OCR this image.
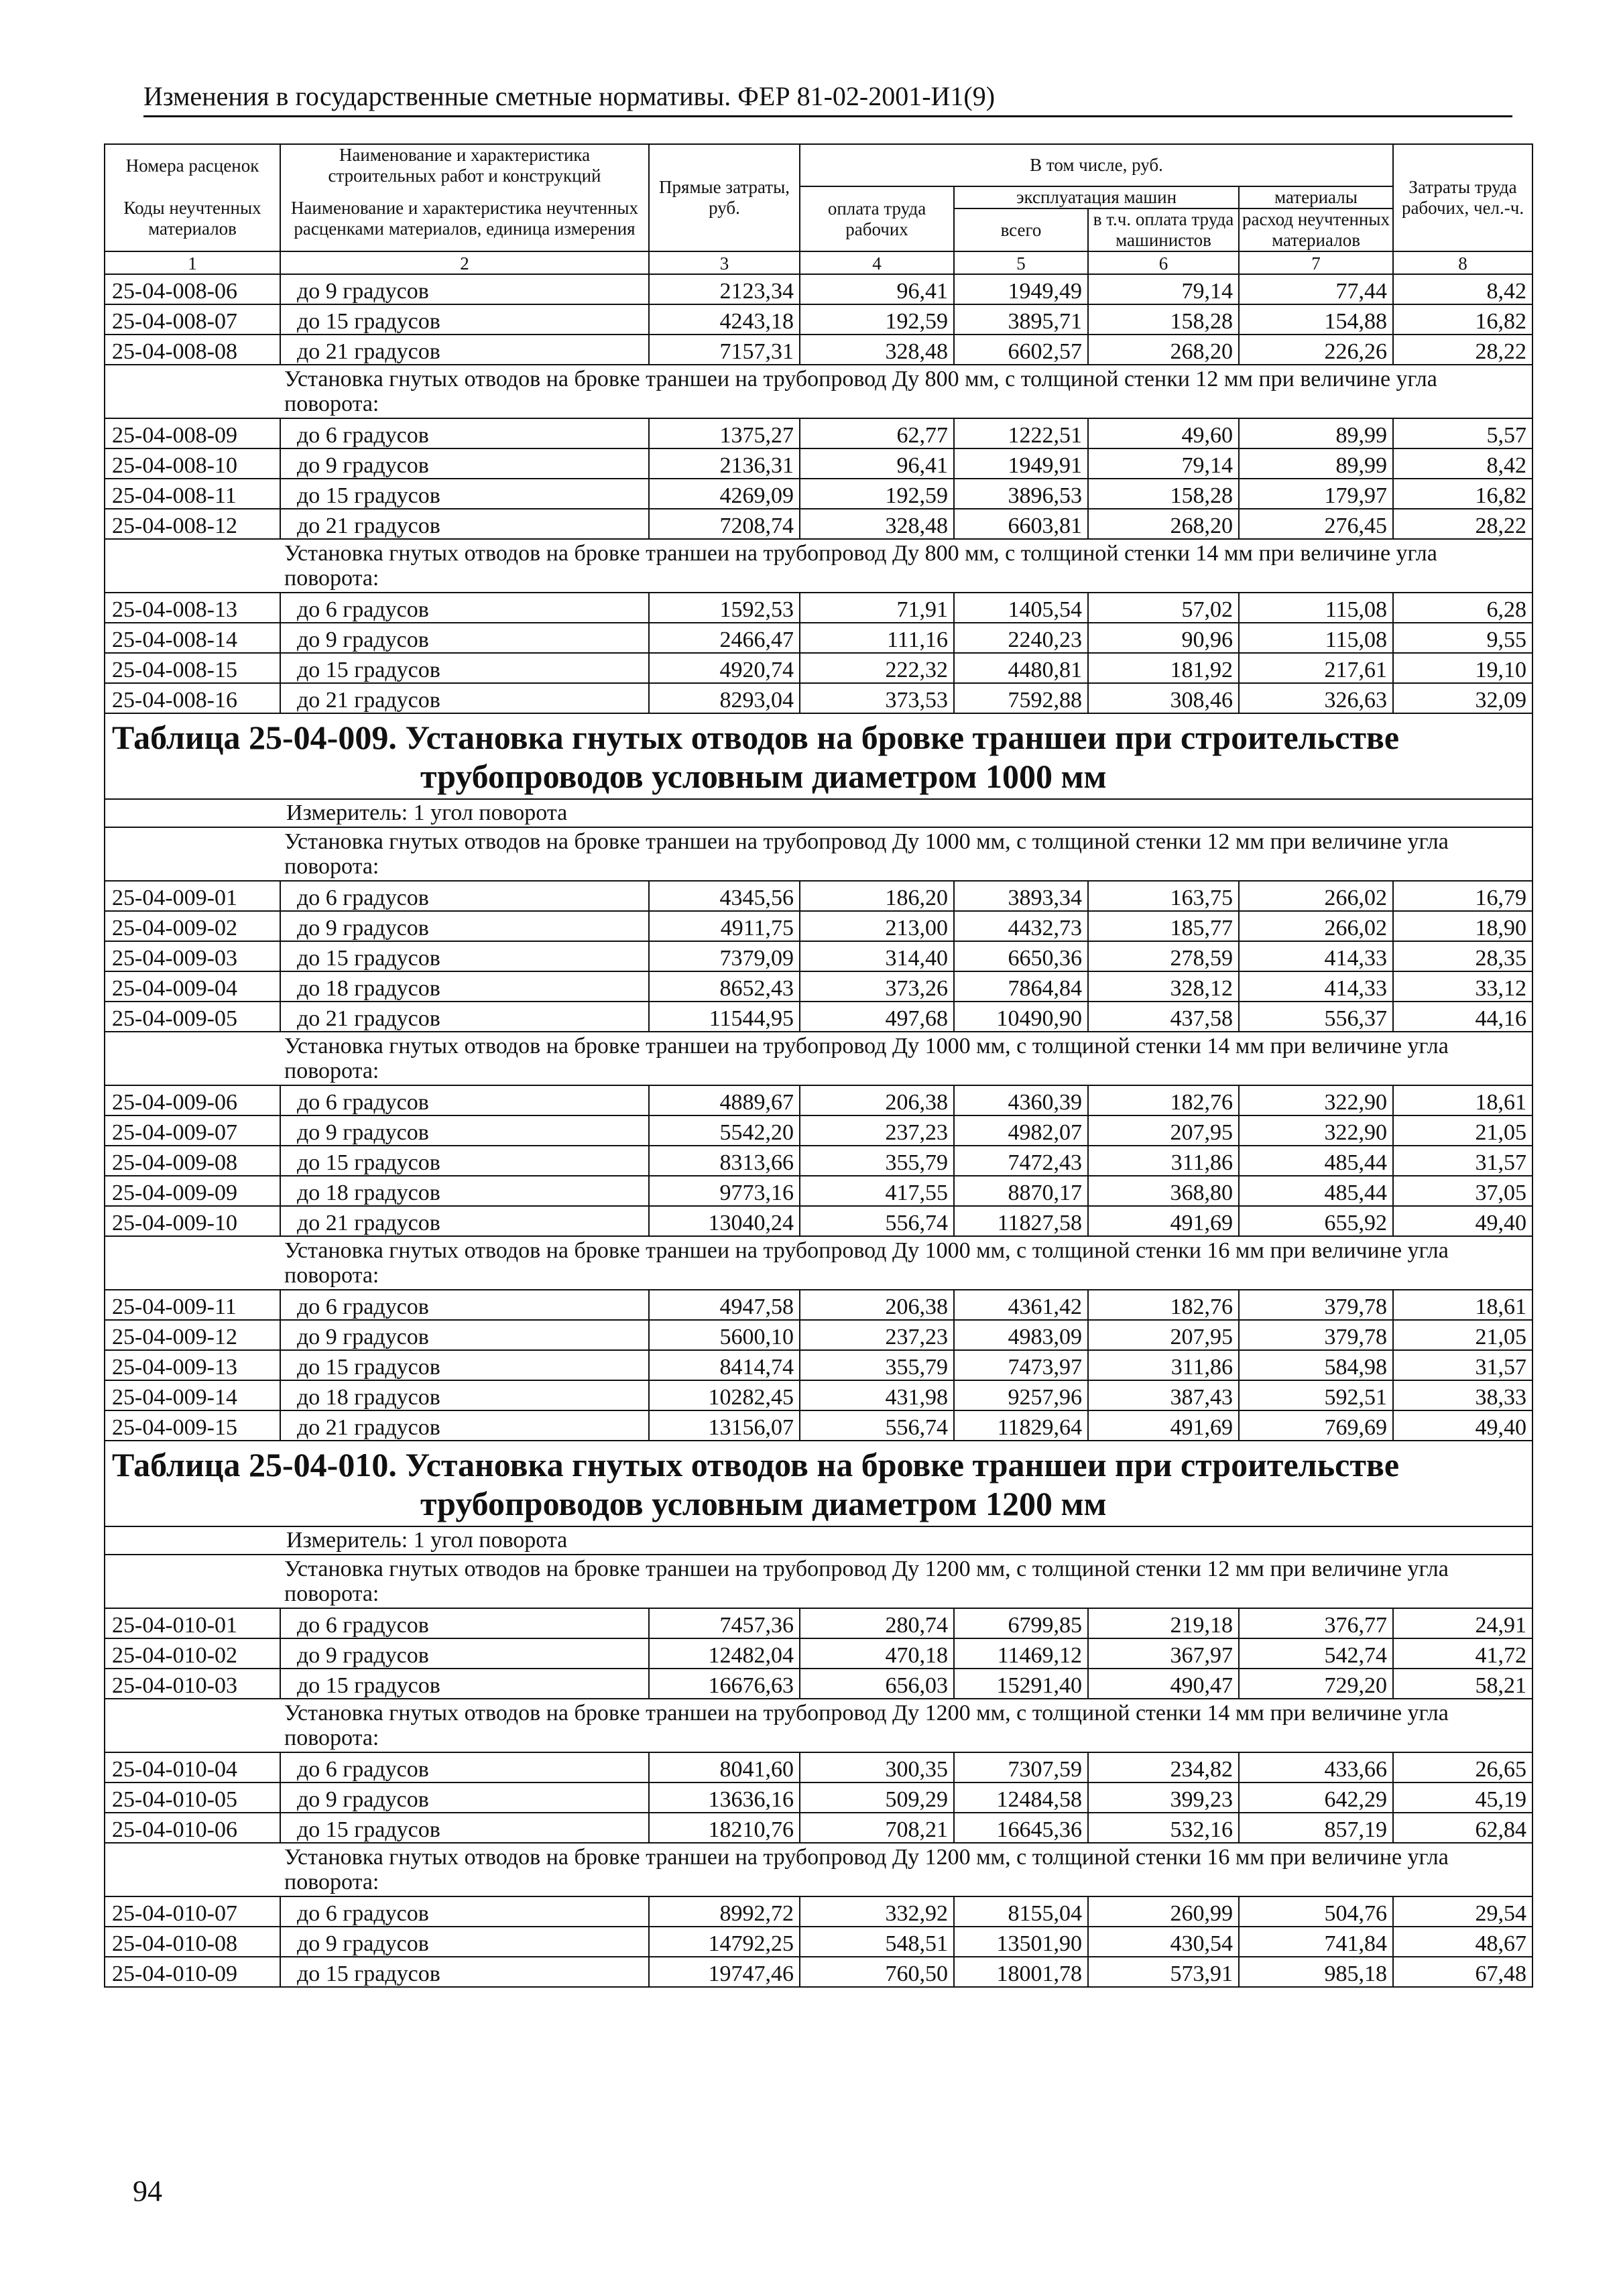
Изменения в государственные сметные нормативы. ФЕР 81-02-2001-И1(9)
Номера расценок	Наименование и характеристика строительных работ и конструкций	Прямые затраты, руб.	В том числе, руб.				Затраты труда рабочих, чел.-ч.
Коды неучтенных материалов	Наименование и характеристика неучтенных расценками материалов, единица измерения		оплата труда рабочих	эксплуатация машин		материалы	
				всего	в т.ч. оплата труда машинистов	расход неучтенных материалов	
1	2	3	4	5	6	7	8
25-04-008-06	до 9 градусов	2123,34	96,41	1949,49	79,14	77,44	8,42
25-04-008-07	до 15 градусов	4243,18	192,59	3895,71	158,28	154,88	16,82
25-04-008-08	до 21 градусов	7157,31	328,48	6602,57	268,20	226,26	28,22
	Установка гнутых отводов на бровке траншеи на трубопровод Ду 800 мм, с толщиной стенки 12 мм при величине угла поворота:						
25-04-008-09	до 6 градусов	1375,27	62,77	1222,51	49,60	89,99	5,57
25-04-008-10	до 9 градусов	2136,31	96,41	1949,91	79,14	89,99	8,42
25-04-008-11	до 15 градусов	4269,09	192,59	3896,53	158,28	179,97	16,82
25-04-008-12	до 21 градусов	7208,74	328,48	6603,81	268,20	276,45	28,22
	Установка гнутых отводов на бровке траншеи на трубопровод Ду 800 мм, с толщиной стенки 14 мм при величине угла поворота:						
25-04-008-13	до 6 градусов	1592,53	71,91	1405,54	57,02	115,08	6,28
25-04-008-14	до 9 градусов	2466,47	111,16	2240,23	90,96	115,08	9,55
25-04-008-15	до 15 градусов	4920,74	222,32	4480,81	181,92	217,61	19,10
25-04-008-16	до 21 градусов	8293,04	373,53	7592,88	308,46	326,63	32,09

Таблица 25-04-009. Установка гнутых отводов на бровке траншеи при строительстве
трубопроводов условным диаметром 1000 мм							

Измеритель: 1 угол поворота							
	Установка гнутых отводов на бровке траншеи на трубопровод Ду 1000 мм, с толщиной стенки 12 мм при величине угла поворота:						
25-04-009-01	до 6 градусов	4345,56	186,20	3893,34	163,75	266,02	16,79
25-04-009-02	до 9 градусов	4911,75	213,00	4432,73	185,77	266,02	18,90
25-04-009-03	до 15 градусов	7379,09	314,40	6650,36	278,59	414,33	28,35
25-04-009-04	до 18 градусов	8652,43	373,26	7864,84	328,12	414,33	33,12
25-04-009-05	до 21 градусов	11544,95	497,68	10490,90	437,58	556,37	44,16
	Установка гнутых отводов на бровке траншеи на трубопровод Ду 1000 мм, с толщиной стенки 14 мм при величине угла поворота:						
25-04-009-06	до 6 градусов	4889,67	206,38	4360,39	182,76	322,90	18,61
25-04-009-07	до 9 градусов	5542,20	237,23	4982,07	207,95	322,90	21,05
25-04-009-08	до 15 градусов	8313,66	355,79	7472,43	311,86	485,44	31,57
25-04-009-09	до 18 градусов	9773,16	417,55	8870,17	368,80	485,44	37,05
25-04-009-10	до 21 градусов	13040,24	556,74	11827,58	491,69	655,92	49,40
	Установка гнутых отводов на бровке траншеи на трубопровод Ду 1000 мм, с толщиной стенки 16 мм при величине угла поворота:						
25-04-009-11	до 6 градусов	4947,58	206,38	4361,42	182,76	379,78	18,61
25-04-009-12	до 9 градусов	5600,10	237,23	4983,09	207,95	379,78	21,05
25-04-009-13	до 15 градусов	8414,74	355,79	7473,97	311,86	584,98	31,57
25-04-009-14	до 18 градусов	10282,45	431,98	9257,96	387,43	592,51	38,33
25-04-009-15	до 21 градусов	13156,07	556,74	11829,64	491,69	769,69	49,40

Таблица 25-04-010. Установка гнутых отводов на бровке траншеи при строительстве
трубопроводов условным диаметром 1200 мм							

Измеритель: 1 угол поворота							
	Установка гнутых отводов на бровке траншеи на трубопровод Ду 1200 мм, с толщиной стенки 12 мм при величине угла поворота:						
25-04-010-01	до 6 градусов	7457,36	280,74	6799,85	219,18	376,77	24,91
25-04-010-02	до 9 градусов	12482,04	470,18	11469,12	367,97	542,74	41,72
25-04-010-03	до 15 градусов	16676,63	656,03	15291,40	490,47	729,20	58,21
	Установка гнутых отводов на бровке траншеи на трубопровод Ду 1200 мм, с толщиной стенки 14 мм при величине угла поворота:						
25-04-010-04	до 6 градусов	8041,60	300,35	7307,59	234,82	433,66	26,65
25-04-010-05	до 9 градусов	13636,16	509,29	12484,58	399,23	642,29	45,19
25-04-010-06	до 15 градусов	18210,76	708,21	16645,36	532,16	857,19	62,84
	Установка гнутых отводов на бровке траншеи на трубопровод Ду 1200 мм, с толщиной стенки 16 мм при величине угла поворота:						
25-04-010-07	до 6 градусов	8992,72	332,92	8155,04	260,99	504,76	29,54
25-04-010-08	до 9 градусов	14792,25	548,51	13501,90	430,54	741,84	48,67
25-04-010-09	до 15 градусов	19747,46	760,50	18001,78	573,91	985,18	67,48
94
